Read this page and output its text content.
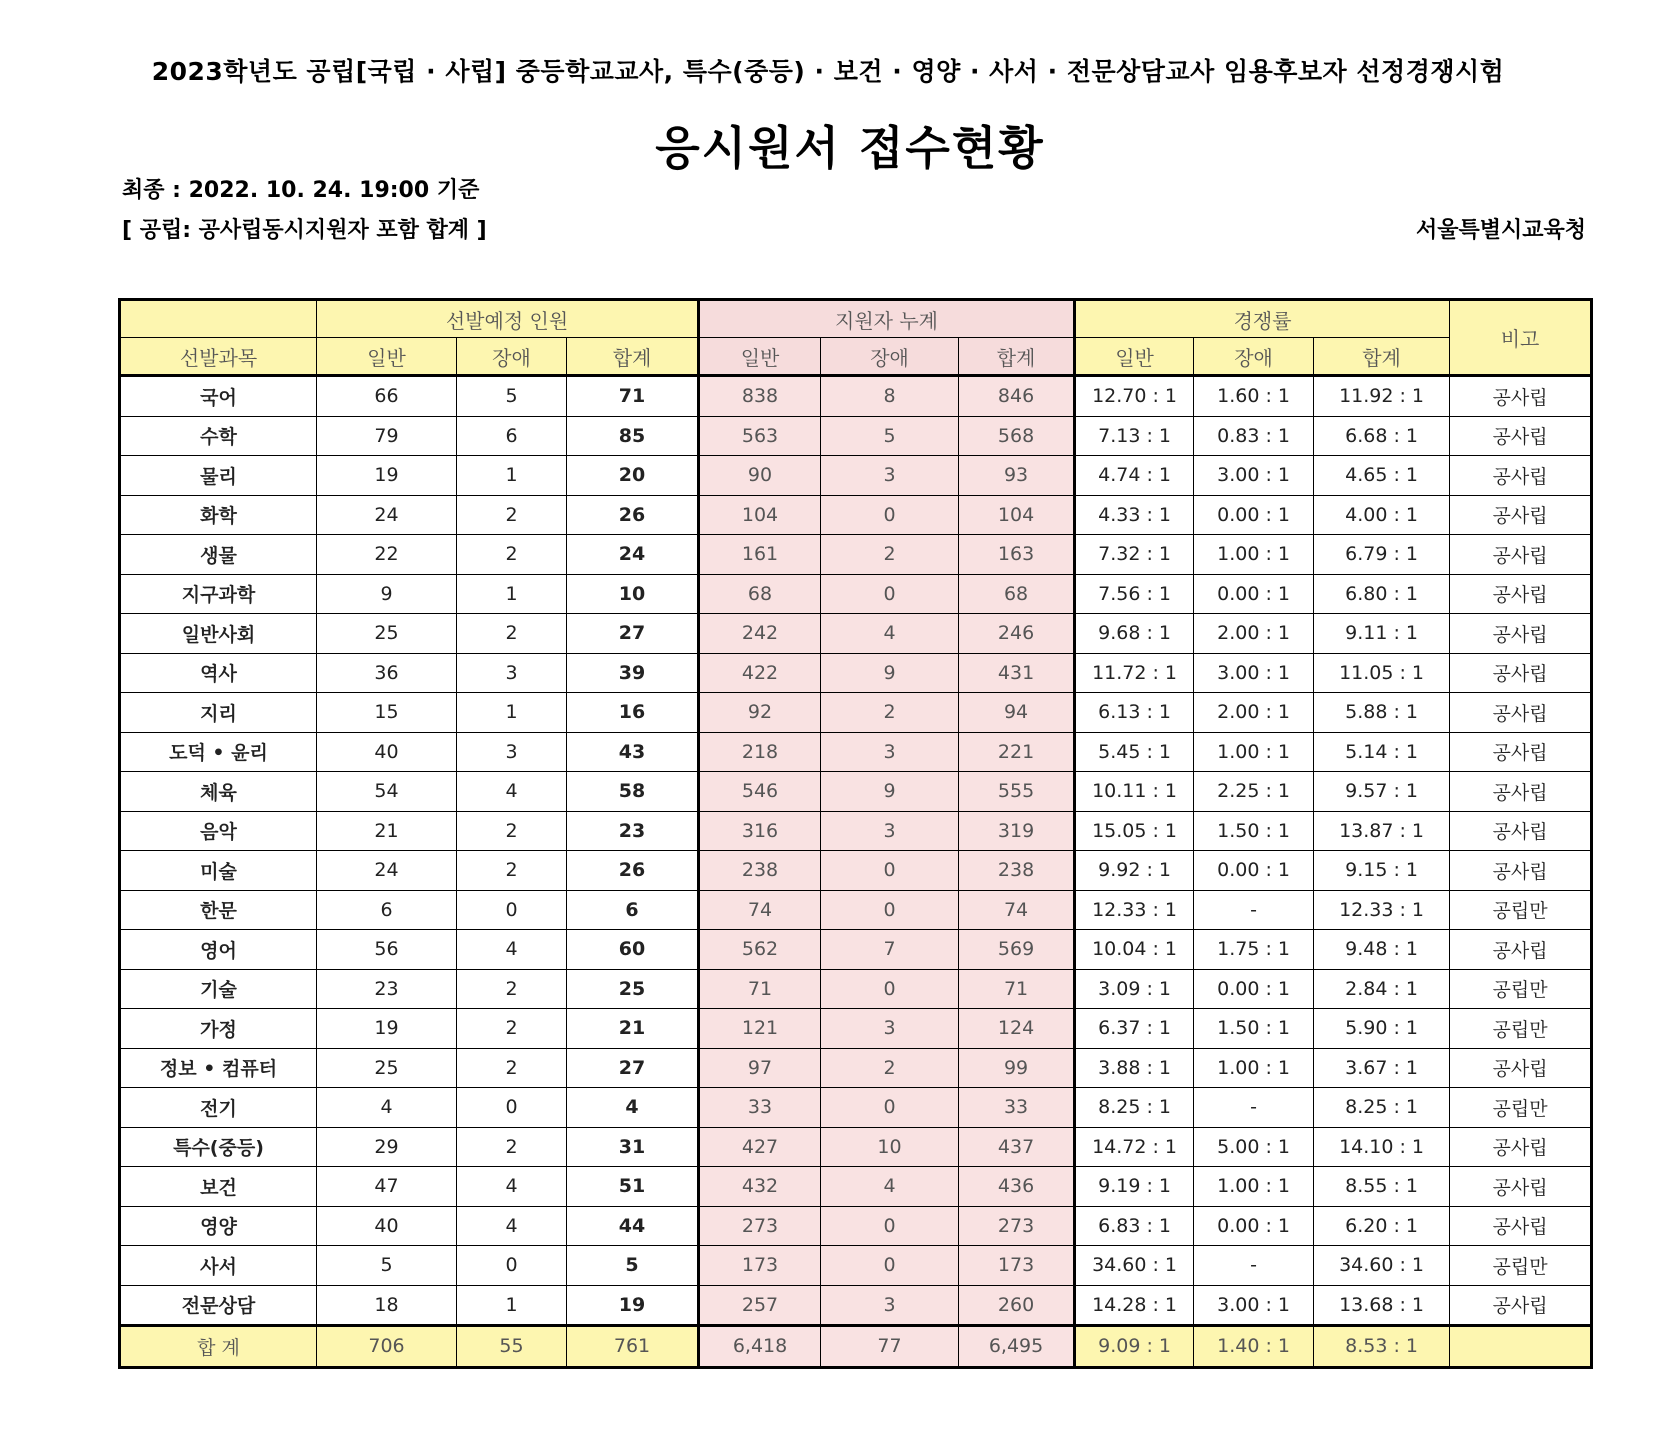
2023학년도 공립[국립 · 사립] 중등학교교사, 특수(중등) · 보건 · 영양 · 사서 · 전문상담교사 임용후보자 선정경쟁시험
응시원서 접수현황
최종 : 2022. 10. 24. 19:00 기준
[ 공립: 공사립동시지원자 포함 합계 ]	서울특별시교육청
	선발예정 인원			지원자 누계			경쟁률			비고
선발과목	일반	장애	합계	일반	장애	합계	일반	장애	합계	
국어	66	5	71	838	8	846	12.70 : 1	1.60 : 1	11.92 : 1	공사립
수학	79	6	85	563	5	568	7.13 : 1	0.83 : 1	6.68 : 1	공사립
물리	19	1	20	90	3	93	4.74 : 1	3.00 : 1	4.65 : 1	공사립
화학	24	2	26	104	0	104	4.33 : 1	0.00 : 1	4.00 : 1	공사립
생물	22	2	24	161	2	163	7.32 : 1	1.00 : 1	6.79 : 1	공사립
지구과학	9	1	10	68	0	68	7.56 : 1	0.00 : 1	6.80 : 1	공사립
일반사회	25	2	27	242	4	246	9.68 : 1	2.00 : 1	9.11 : 1	공사립
역사	36	3	39	422	9	431	11.72 : 1	3.00 : 1	11.05 : 1	공사립
지리	15	1	16	92	2	94	6.13 : 1	2.00 : 1	5.88 : 1	공사립
도덕 • 윤리	40	3	43	218	3	221	5.45 : 1	1.00 : 1	5.14 : 1	공사립
체육	54	4	58	546	9	555	10.11 : 1	2.25 : 1	9.57 : 1	공사립
음악	21	2	23	316	3	319	15.05 : 1	1.50 : 1	13.87 : 1	공사립
미술	24	2	26	238	0	238	9.92 : 1	0.00 : 1	9.15 : 1	공사립
한문	6	0	6	74	0	74	12.33 : 1	-	12.33 : 1	공립만
영어	56	4	60	562	7	569	10.04 : 1	1.75 : 1	9.48 : 1	공사립
기술	23	2	25	71	0	71	3.09 : 1	0.00 : 1	2.84 : 1	공립만
가정	19	2	21	121	3	124	6.37 : 1	1.50 : 1	5.90 : 1	공립만
정보 • 컴퓨터	25	2	27	97	2	99	3.88 : 1	1.00 : 1	3.67 : 1	공사립
전기	4	0	4	33	0	33	8.25 : 1	-	8.25 : 1	공립만
특수(중등)	29	2	31	427	10	437	14.72 : 1	5.00 : 1	14.10 : 1	공사립
보건	47	4	51	432	4	436	9.19 : 1	1.00 : 1	8.55 : 1	공사립
영양	40	4	44	273	0	273	6.83 : 1	0.00 : 1	6.20 : 1	공사립
사서	5	0	5	173	0	173	34.60 : 1	-	34.60 : 1	공립만
전문상담	18	1	19	257	3	260	14.28 : 1	3.00 : 1	13.68 : 1	공사립
합 계	706	55	761	6,418	77	6,495	9.09 : 1	1.40 : 1	8.53 : 1	
